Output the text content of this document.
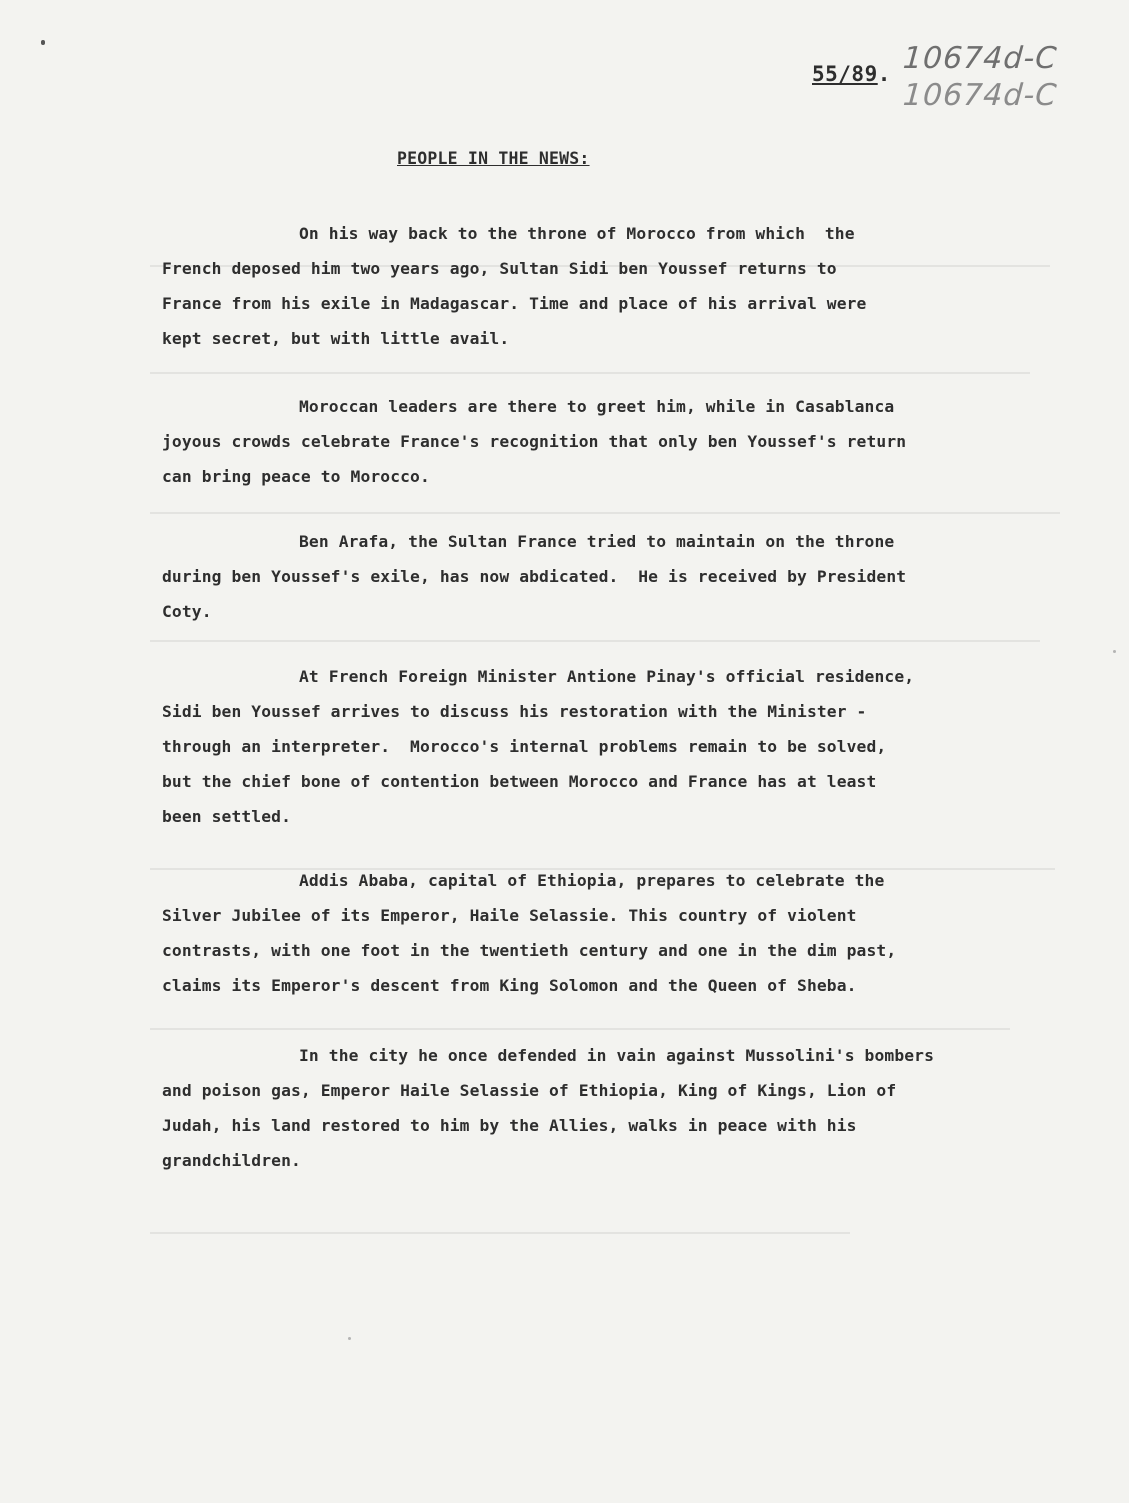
55/89. 10674d-C
10674d-C
PEOPLE IN THE NEWS:
On his way back to the throne of Morocco from which  the
French deposed him two years ago, Sultan Sidi ben Youssef returns to
France from his exile in Madagascar. Time and place of his arrival were
kept secret, but with little avail.
Moroccan leaders are there to greet him, while in Casablanca
joyous crowds celebrate France's recognition that only ben Youssef's return
can bring peace to Morocco.
Ben Arafa, the Sultan France tried to maintain on the throne
during ben Youssef's exile, has now abdicated.  He is received by President
Coty.
At French Foreign Minister Antione Pinay's official residence,
Sidi ben Youssef arrives to discuss his restoration with the Minister -
through an interpreter.  Morocco's internal problems remain to be solved,
but the chief bone of contention between Morocco and France has at least
been settled.
Addis Ababa, capital of Ethiopia, prepares to celebrate the
Silver Jubilee of its Emperor, Haile Selassie. This country of violent
contrasts, with one foot in the twentieth century and one in the dim past,
claims its Emperor's descent from King Solomon and the Queen of Sheba.
In the city he once defended in vain against Mussolini's bombers
and poison gas, Emperor Haile Selassie of Ethiopia, King of Kings, Lion of
Judah, his land restored to him by the Allies, walks in peace with his
grandchildren.
